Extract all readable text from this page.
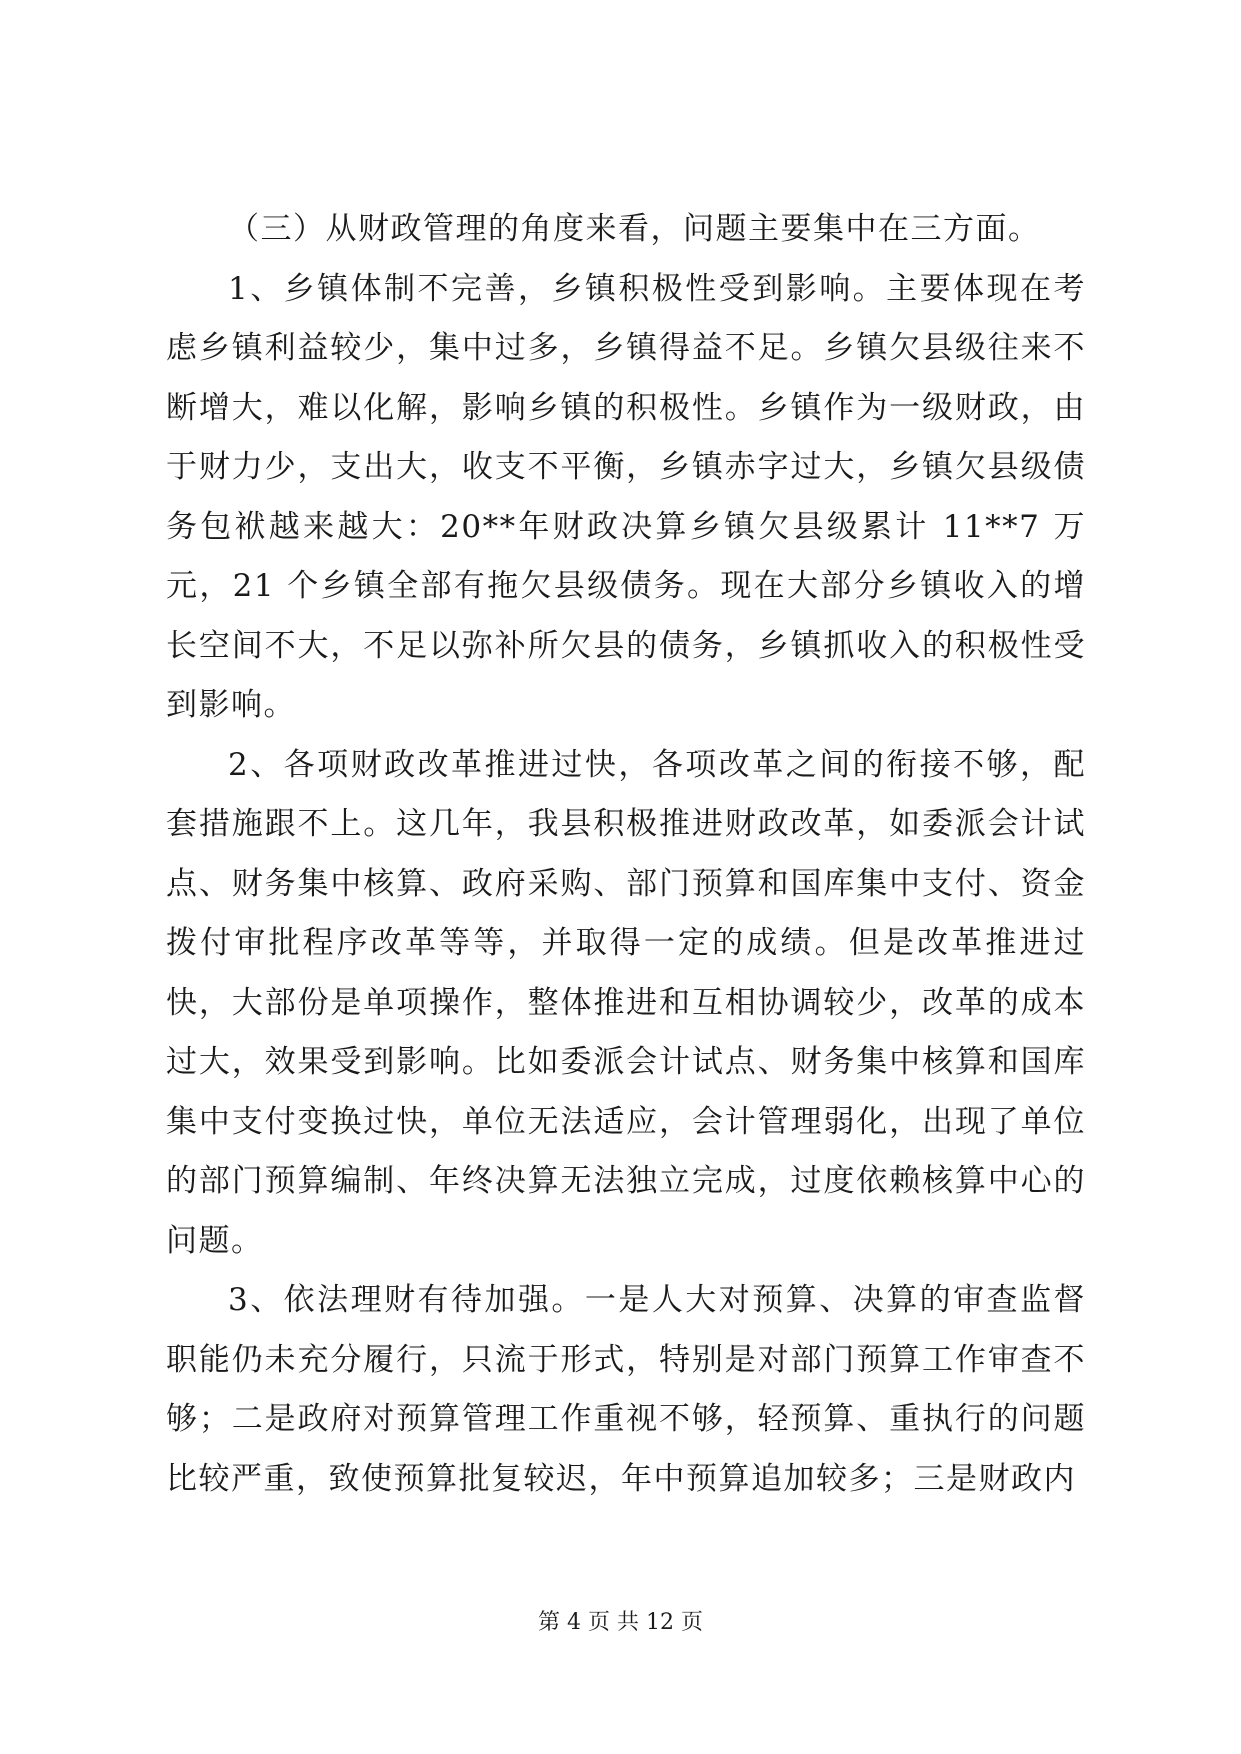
（三）从财政管理的角度来看，问题主要集中在三方面。

1、乡镇体制不完善，乡镇积极性受到影响。主要体现在考虑乡镇利益较少，集中过多，乡镇得益不足。乡镇欠县级往来不断增大，难以化解，影响乡镇的积极性。乡镇作为一级财政，由于财力少，支出大，收支不平衡，乡镇赤字过大，乡镇欠县级债务包袱越来越大：20**年财政决算乡镇欠县级累计 11**7 万元，21 个乡镇全部有拖欠县级债务。现在大部分乡镇收入的增长空间不大，不足以弥补所欠县的债务，乡镇抓收入的积极性受到影响。

2、各项财政改革推进过快，各项改革之间的衔接不够，配套措施跟不上。这几年，我县积极推进财政改革，如委派会计试点、财务集中核算、政府采购、部门预算和国库集中支付、资金拨付审批程序改革等等，并取得一定的成绩。但是改革推进过快，大部份是单项操作，整体推进和互相协调较少，改革的成本过大，效果受到影响。比如委派会计试点、财务集中核算和国库集中支付变换过快，单位无法适应，会计管理弱化，出现了单位的部门预算编制、年终决算无法独立完成，过度依赖核算中心的问题。

3、依法理财有待加强。一是人大对预算、决算的审查监督职能仍未充分履行，只流于形式，特别是对部门预算工作审查不够；二是政府对预算管理工作重视不够，轻预算、重执行的问题比较严重，致使预算批复较迟，年中预算追加较多；三是财政内

第 4 页 共 12 页
